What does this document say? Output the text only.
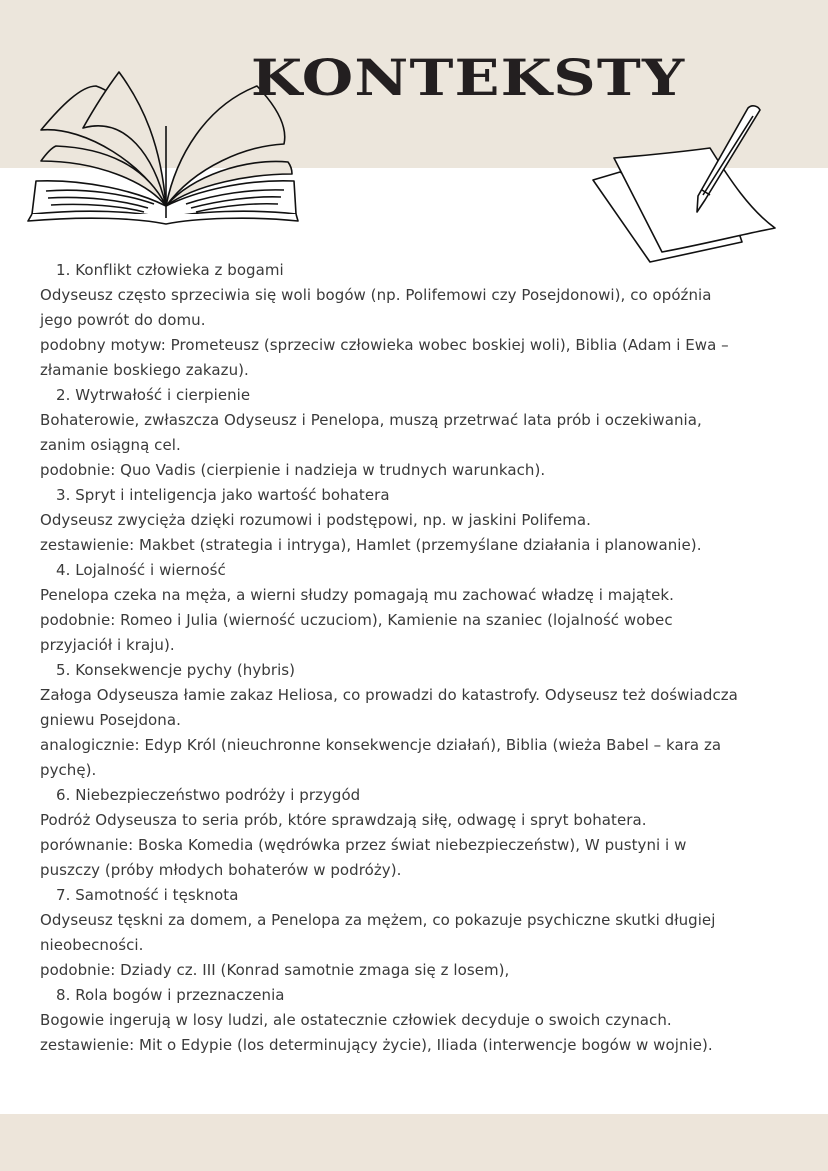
KONTEKSTY
1. Konflikt człowieka z bogami
Odyseusz często sprzeciwia się woli bogów (np. Polifemowi czy Posejdonowi), co opóźnia
jego powrót do domu.
podobny motyw: Prometeusz (sprzeciw człowieka wobec boskiej woli), Biblia (Adam i Ewa –
złamanie boskiego zakazu).
2. Wytrwałość i cierpienie
Bohaterowie, zwłaszcza Odyseusz i Penelopa, muszą przetrwać lata prób i oczekiwania,
zanim osiągną cel.
podobnie: Quo Vadis (cierpienie i nadzieja w trudnych warunkach).
3. Spryt i inteligencja jako wartość bohatera
Odyseusz zwycięża dzięki rozumowi i podstępowi, np. w jaskini Polifema.
zestawienie: Makbet (strategia i intryga), Hamlet (przemyślane działania i planowanie).
4. Lojalność i wierność
Penelopa czeka na męża, a wierni słudzy pomagają mu zachować władzę i majątek.
podobnie: Romeo i Julia (wierność uczuciom), Kamienie na szaniec (lojalność wobec
przyjaciół i kraju).
5. Konsekwencje pychy (hybris)
Załoga Odyseusza łamie zakaz Heliosa, co prowadzi do katastrofy. Odyseusz też doświadcza
gniewu Posejdona.
analogicznie: Edyp Król (nieuchronne konsekwencje działań), Biblia (wieża Babel – kara za
pychę).
6. Niebezpieczeństwo podróży i przygód
Podróż Odyseusza to seria prób, które sprawdzają siłę, odwagę i spryt bohatera.
porównanie: Boska Komedia (wędrówka przez świat niebezpieczeństw), W pustyni i w
puszczy (próby młodych bohaterów w podróży).
7. Samotność i tęsknota
Odyseusz tęskni za domem, a Penelopa za mężem, co pokazuje psychiczne skutki długiej
nieobecności.
podobnie: Dziady cz. III (Konrad samotnie zmaga się z losem),
8. Rola bogów i przeznaczenia
Bogowie ingerują w losy ludzi, ale ostatecznie człowiek decyduje o swoich czynach.
zestawienie: Mit o Edypie (los determinujący życie), Iliada (interwencje bogów w wojnie).
